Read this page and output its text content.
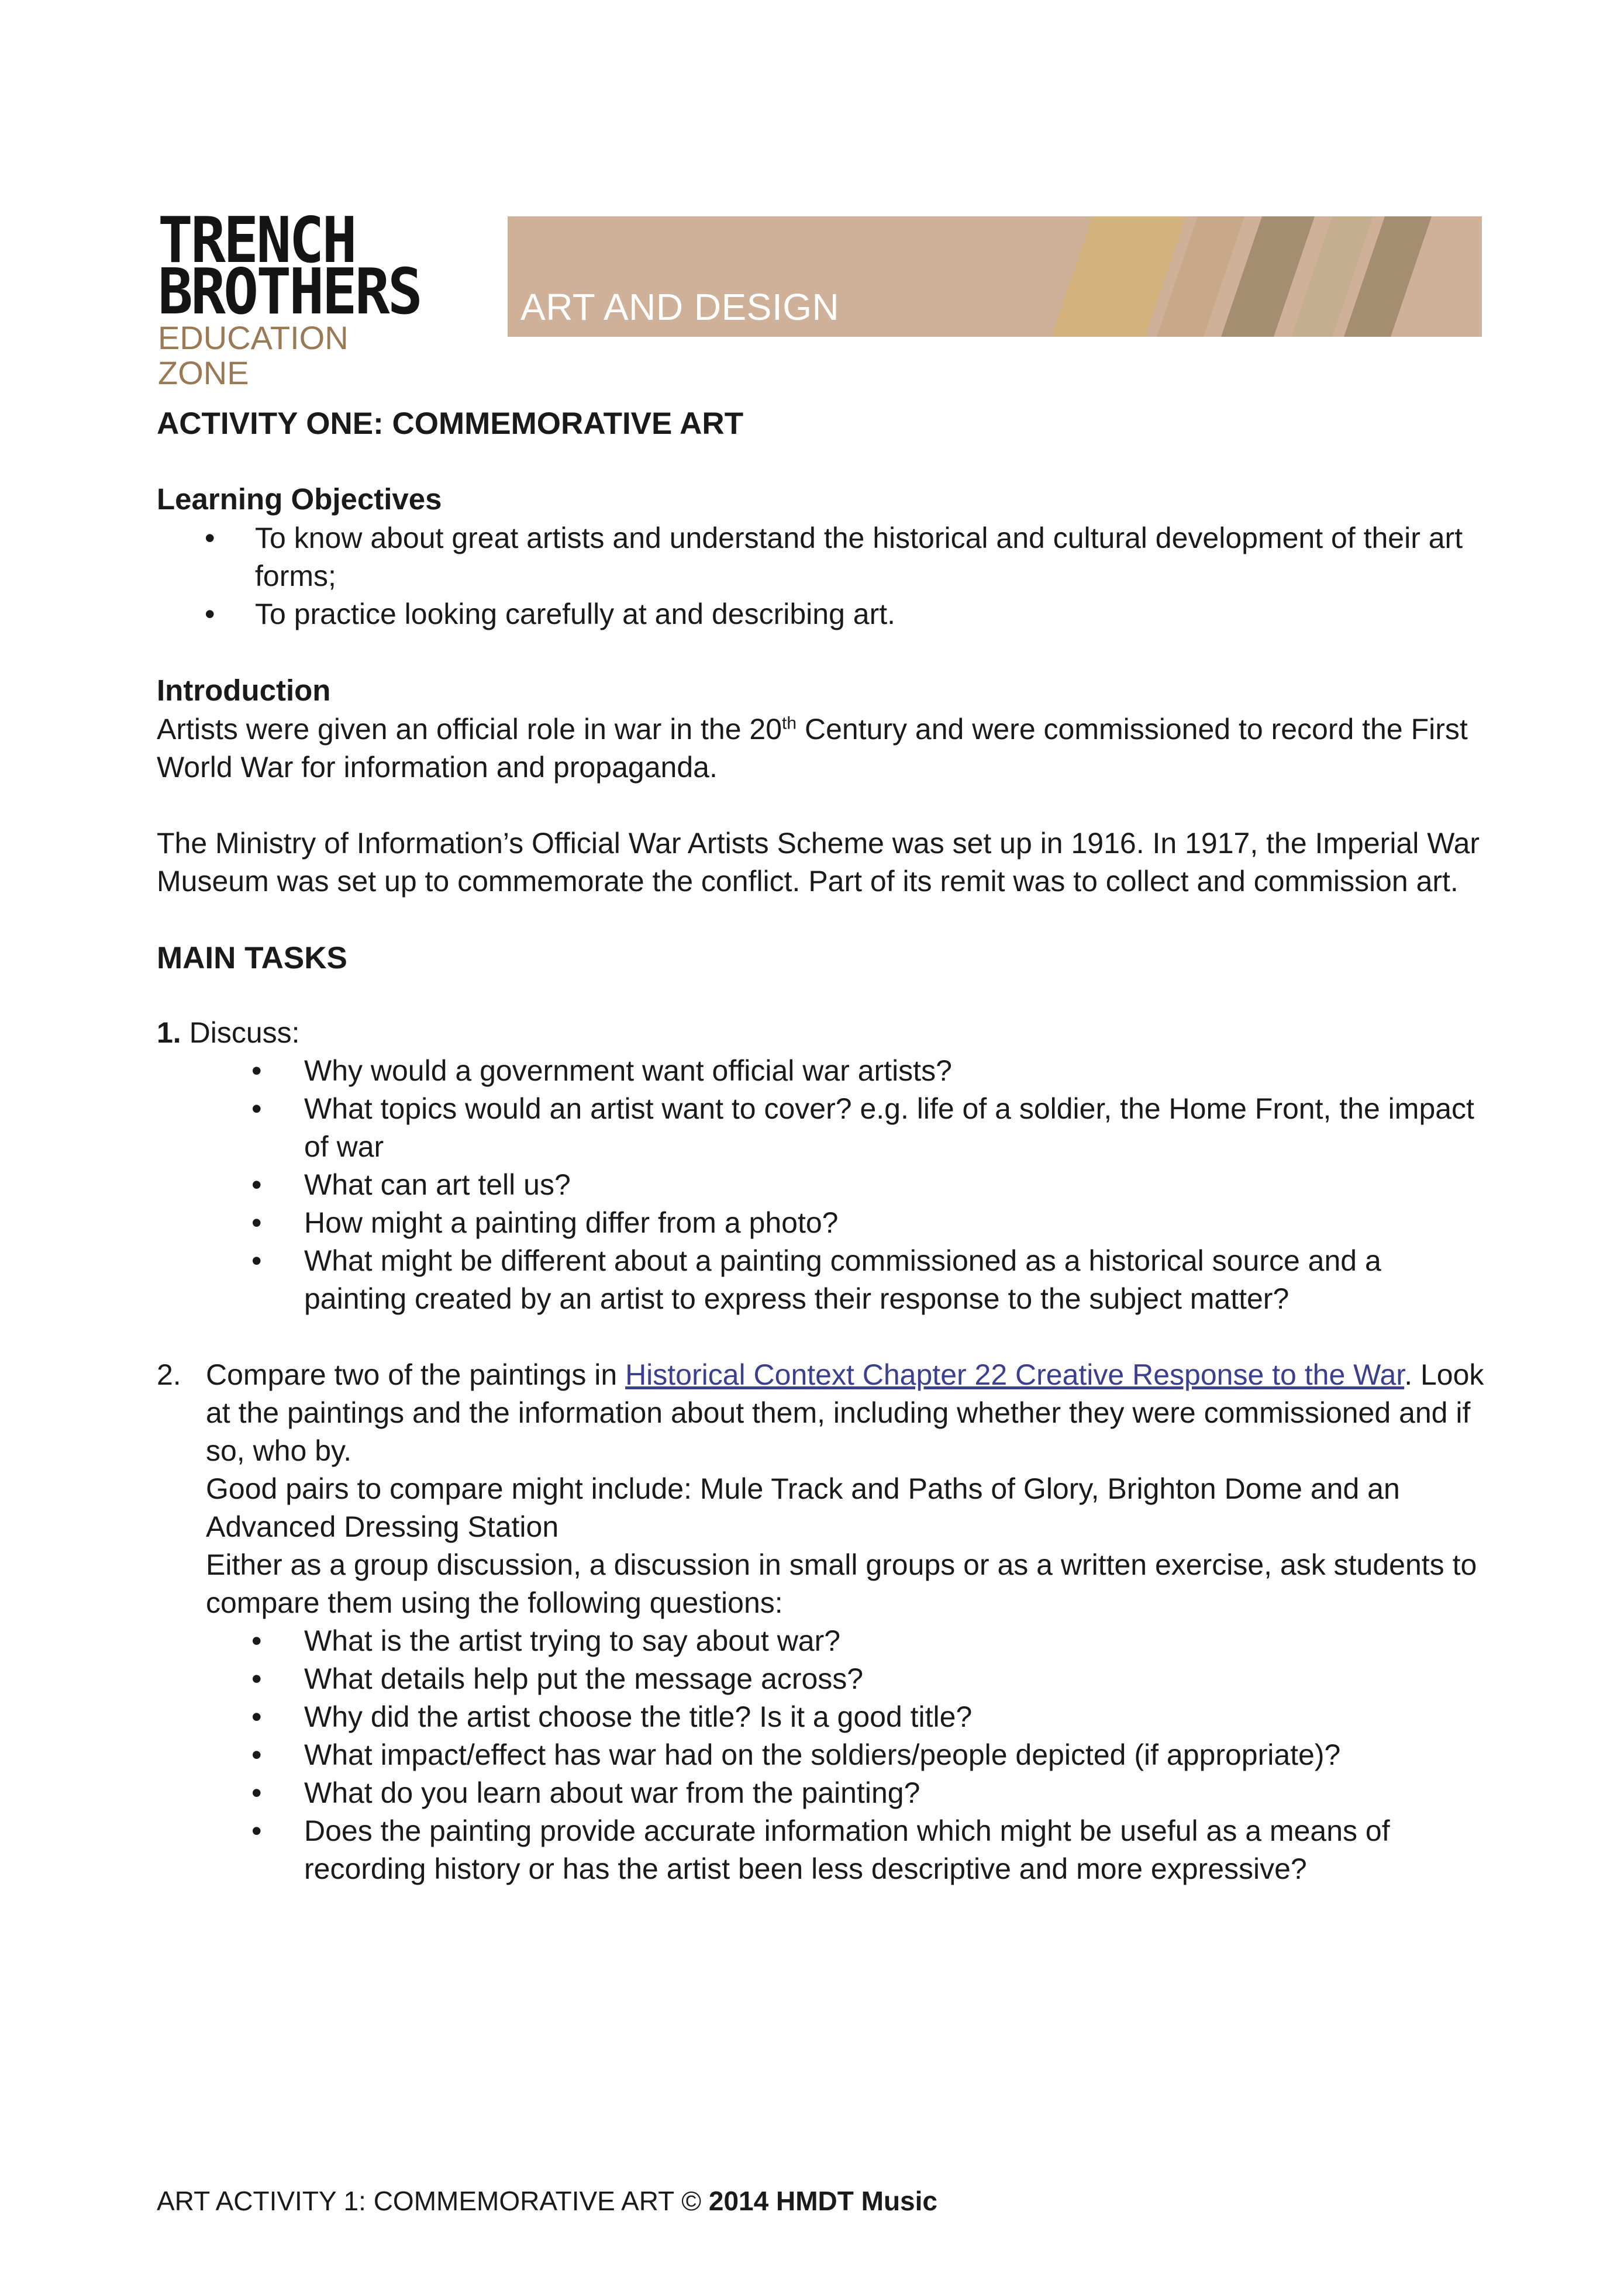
TRENCH
BROTHERS
EDUCATION ZONE
ART AND DESIGN
ACTIVITY ONE: COMMEMORATIVE ART
Learning Objectives
• To know about great artists and understand the historical and cultural development of their art forms;
• To practice looking carefully at and describing art.
Introduction

Artists were given an official role in war in the 20th Century and were commissioned to record the First World War for information and propaganda.

The Ministry of Information’s Official War Artists Scheme was set up in 1916. In 1917, the Imperial War Museum was set up to commemorate the conflict. Part of its remit was to collect and commission art.

MAIN TASKS

1. Discuss:

• Why would a government want official war artists?
• What topics would an artist want to cover? e.g. life of a soldier, the Home Front, the impact of war
• What can art tell us?
• How might a painting differ from a photo?
• What might be different about a painting commissioned as a historical source and a painting created by an artist to express their response to the subject matter?
2. Compare two of the paintings in Historical Context Chapter 22 Creative Response to the War. Look at the paintings and the information about them, including whether they were commissioned and if so, who by.

Good pairs to compare might include: Mule Track and Paths of Glory, Brighton Dome and an Advanced Dressing Station

Either as a group discussion, a discussion in small groups or as a written exercise, ask students to compare them using the following questions:

• What is the artist trying to say about war?
• What details help put the message across?
• Why did the artist choose the title? Is it a good title?
• What impact/effect has war had on the soldiers/people depicted (if appropriate)?
• What do you learn about war from the painting?
• Does the painting provide accurate information which might be useful as a means of recording history or has the artist been less descriptive and more expressive?
ART ACTIVITY 1: COMMEMORATIVE ART © 2014 HMDT Music
